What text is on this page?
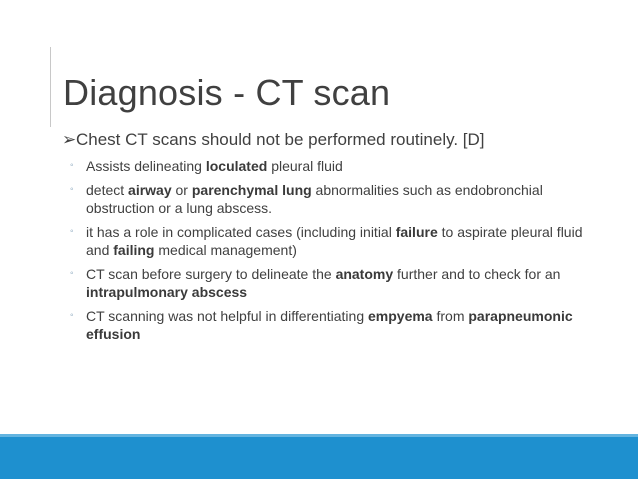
Diagnosis - CT scan
➢Chest CT scans should not be performed routinely. [D]
◦ Assists delineating loculated pleural fluid
◦ detect airway or parenchymal lung abnormalities such as endobronchial obstruction or a lung abscess.
◦ it has a role in complicated cases (including initial failure to aspirate pleural fluid and failing medical management)
◦ CT scan before surgery to delineate the anatomy further and to check for an intrapulmonary abscess
◦ CT scanning was not helpful in differentiating empyema from parapneumonic effusion
